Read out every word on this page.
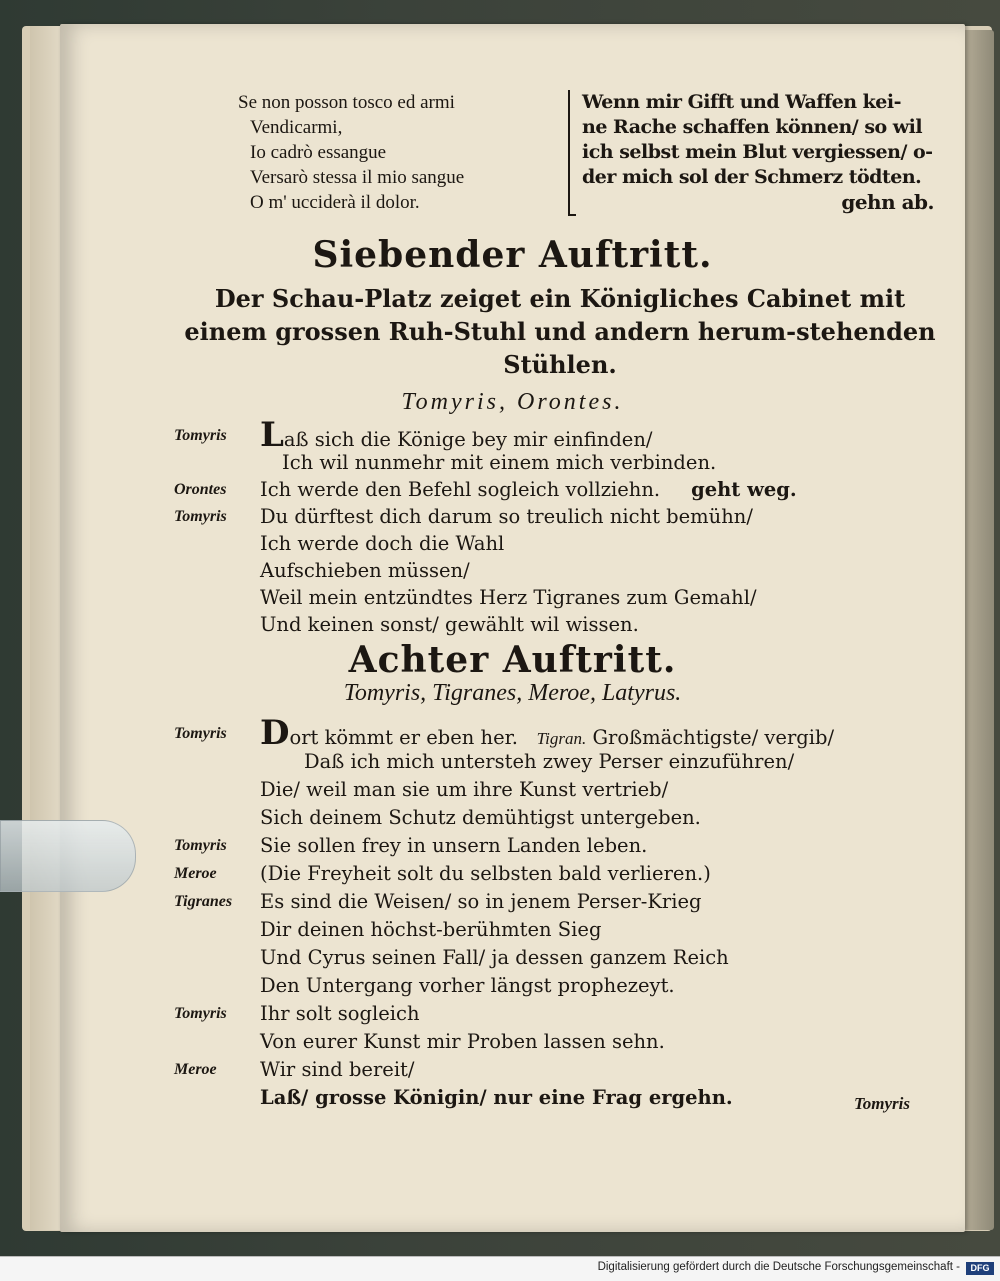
Se non posson tosco ed armi
Vendicarmi,
Io cadrò essangue
Versarò stessa il mio sangue
O m' ucciderà il dolor.
Wenn mir Gifft und Waffen kei-
ne Rache schaffen können/ so wil
ich selbst mein Blut vergiessen/ o-
der mich sol der Schmerz tödten.
gehn ab.
Siebender Auftritt.
Der Schau-Platz zeiget ein Königliches Cabinet mit einem grossen Ruh-Stuhl und andern herum-stehenden Stühlen.
Tomyris, Orontes.
Tomyris Laß sich die Könige bey mir einfinden/
Ich wil nunmehr mit einem mich verbinden.
Orontes	Ich werde den Befehl sogleich vollziehn. geht weg.
Tomyris	Du dürftest dich darum so treulich nicht bemühn/
Ich werde doch die Wahl
Aufschieben müssen/
Weil mein entzündtes Herz Tigranes zum Gemahl/
Und keinen sonst/ gewählt wil wissen.
Achter Auftritt.
Tomyris, Tigranes, Meroe, Latyrus.
Tomyris Dort kömmt er eben her. Tigran. Großmächtigste/ vergib/
Daß ich mich untersteh zwey Perser einzuführen/
Die/ weil man sie um ihre Kunst vertrieb/
Sich deinem Schutz demühtigst untergeben.
Tomyris	Sie sollen frey in unsern Landen leben.
Meroe	(Die Freyheit solt du selbsten bald verlieren.)
Tigranes	Es sind die Weisen/ so in jenem Perser-Krieg
Dir deinen höchst-berühmten Sieg
Und Cyrus seinen Fall/ ja dessen ganzem Reich
Den Untergang vorher längst prophezeyt.
Tomyris	Ihr solt sogleich
Von eurer Kunst mir Proben lassen sehn.
Meroe	Wir sind bereit/
Laß/ grosse Königin/ nur eine Frag ergehn.	Tomyris
Digitalisierung gefördert durch die Deutsche Forschungsgemeinschaft -	DFG
